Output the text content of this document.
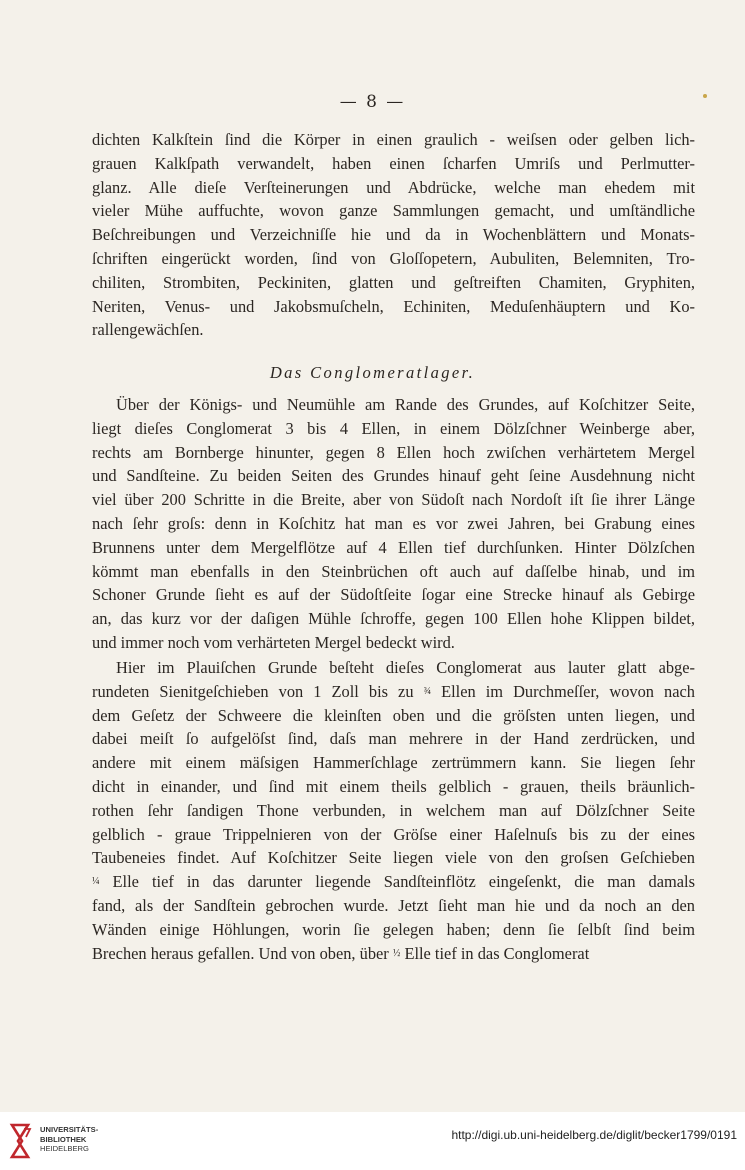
— 8 —
dichten Kalkſtein ſind die Körper in einen graulich - weiſsen oder gelben lich-
grauen Kalkſpath verwandelt, haben einen ſcharfen Umriſs und Perlmutter-
glanz. Alle dieſe Verſteinerungen und Abdrücke, welche man ehedem mit
vieler Mühe auffuchte, wovon ganze Sammlungen gemacht, und umſtändliche
Beſchreibungen und Verzeichniſſe hie und da in Wochenblättern und Monats-
ſchriften eingerückt worden, ſind von Gloſſopetern, Aubuliten, Belemniten, Tro-
chiliten, Strombiten, Peckiniten, glatten und geſtreiften Chamiten, Gryphiten,
Neriten, Venus- und Jakobsmuſcheln, Echiniten, Meduſenhäuptern und Ko-
rallengewächſen.
Das Conglomeratlager.
Über der Königs- und Neumühle am Rande des Grundes, auf Koſchitzer Seite,
liegt dieſes Conglomerat 3 bis 4 Ellen, in einem Dölzſchner Weinberge aber,
rechts am Bornberge hinunter, gegen 8 Ellen hoch zwiſchen verhärtetem Mergel
und Sandſteine. Zu beiden Seiten des Grundes hinauf geht ſeine Ausdehnung nicht
viel über 200 Schritte in die Breite, aber von Südoſt nach Nordoſt iſt ſie ihrer Länge
nach ſehr groſs: denn in Koſchitz hat man es vor zwei Jahren, bei Grabung eines
Brunnens unter dem Mergelflötze auf 4 Ellen tief durchſunken. Hinter Dölzſchen
kömmt man ebenfalls in den Steinbrüchen oft auch auf daſſelbe hinab, und im
Schoner Grunde ſieht es auf der Südoſtſeite ſogar eine Strecke hinauf als Gebirge
an, das kurz vor der daſigen Mühle ſchroffe, gegen 100 Ellen hohe Klippen bildet,
und immer noch vom verhärteten Mergel bedeckt wird.
Hier im Plauiſchen Grunde beſteht dieſes Conglomerat aus lauter glatt abge-
rundeten Sienitgeſchieben von 1 Zoll bis zu ¾ Ellen im Durchmeſſer, wovon nach
dem Geſetz der Schweere die kleinſten oben und die gröſsten unten liegen, und
dabei meiſt ſo aufgelöſst ſind, daſs man mehrere in der Hand zerdrücken, und
andere mit einem mäſsigen Hammerſchlage zertrümmern kann. Sie liegen ſehr
dicht in einander, und ſind mit einem theils gelblich - grauen, theils bräunlich-
rothen ſehr ſandigen Thone verbunden, in welchem man auf Dölzſchner Seite
gelblich - graue Trippelnieren von der Gröſse einer Haſelnuſs bis zu der eines
Taubeneies findet. Auf Koſchitzer Seite liegen viele von den groſsen Geſchieben
¼ Elle tief in das darunter liegende Sandſteinflötz eingeſenkt, die man damals
fand, als der Sandſtein gebrochen wurde. Jetzt ſieht man hie und da noch an den
Wänden einige Höhlungen, worin ſie gelegen haben; denn ſie ſelbſt ſind beim
Brechen heraus gefallen. Und von oben, über ½ Elle tief in das Conglomerat
UNIVERSITÄTS-
BIBLIOTHEK
HEIDELBERG
http://digi.ub.uni-heidelberg.de/diglit/becker1799/0191
